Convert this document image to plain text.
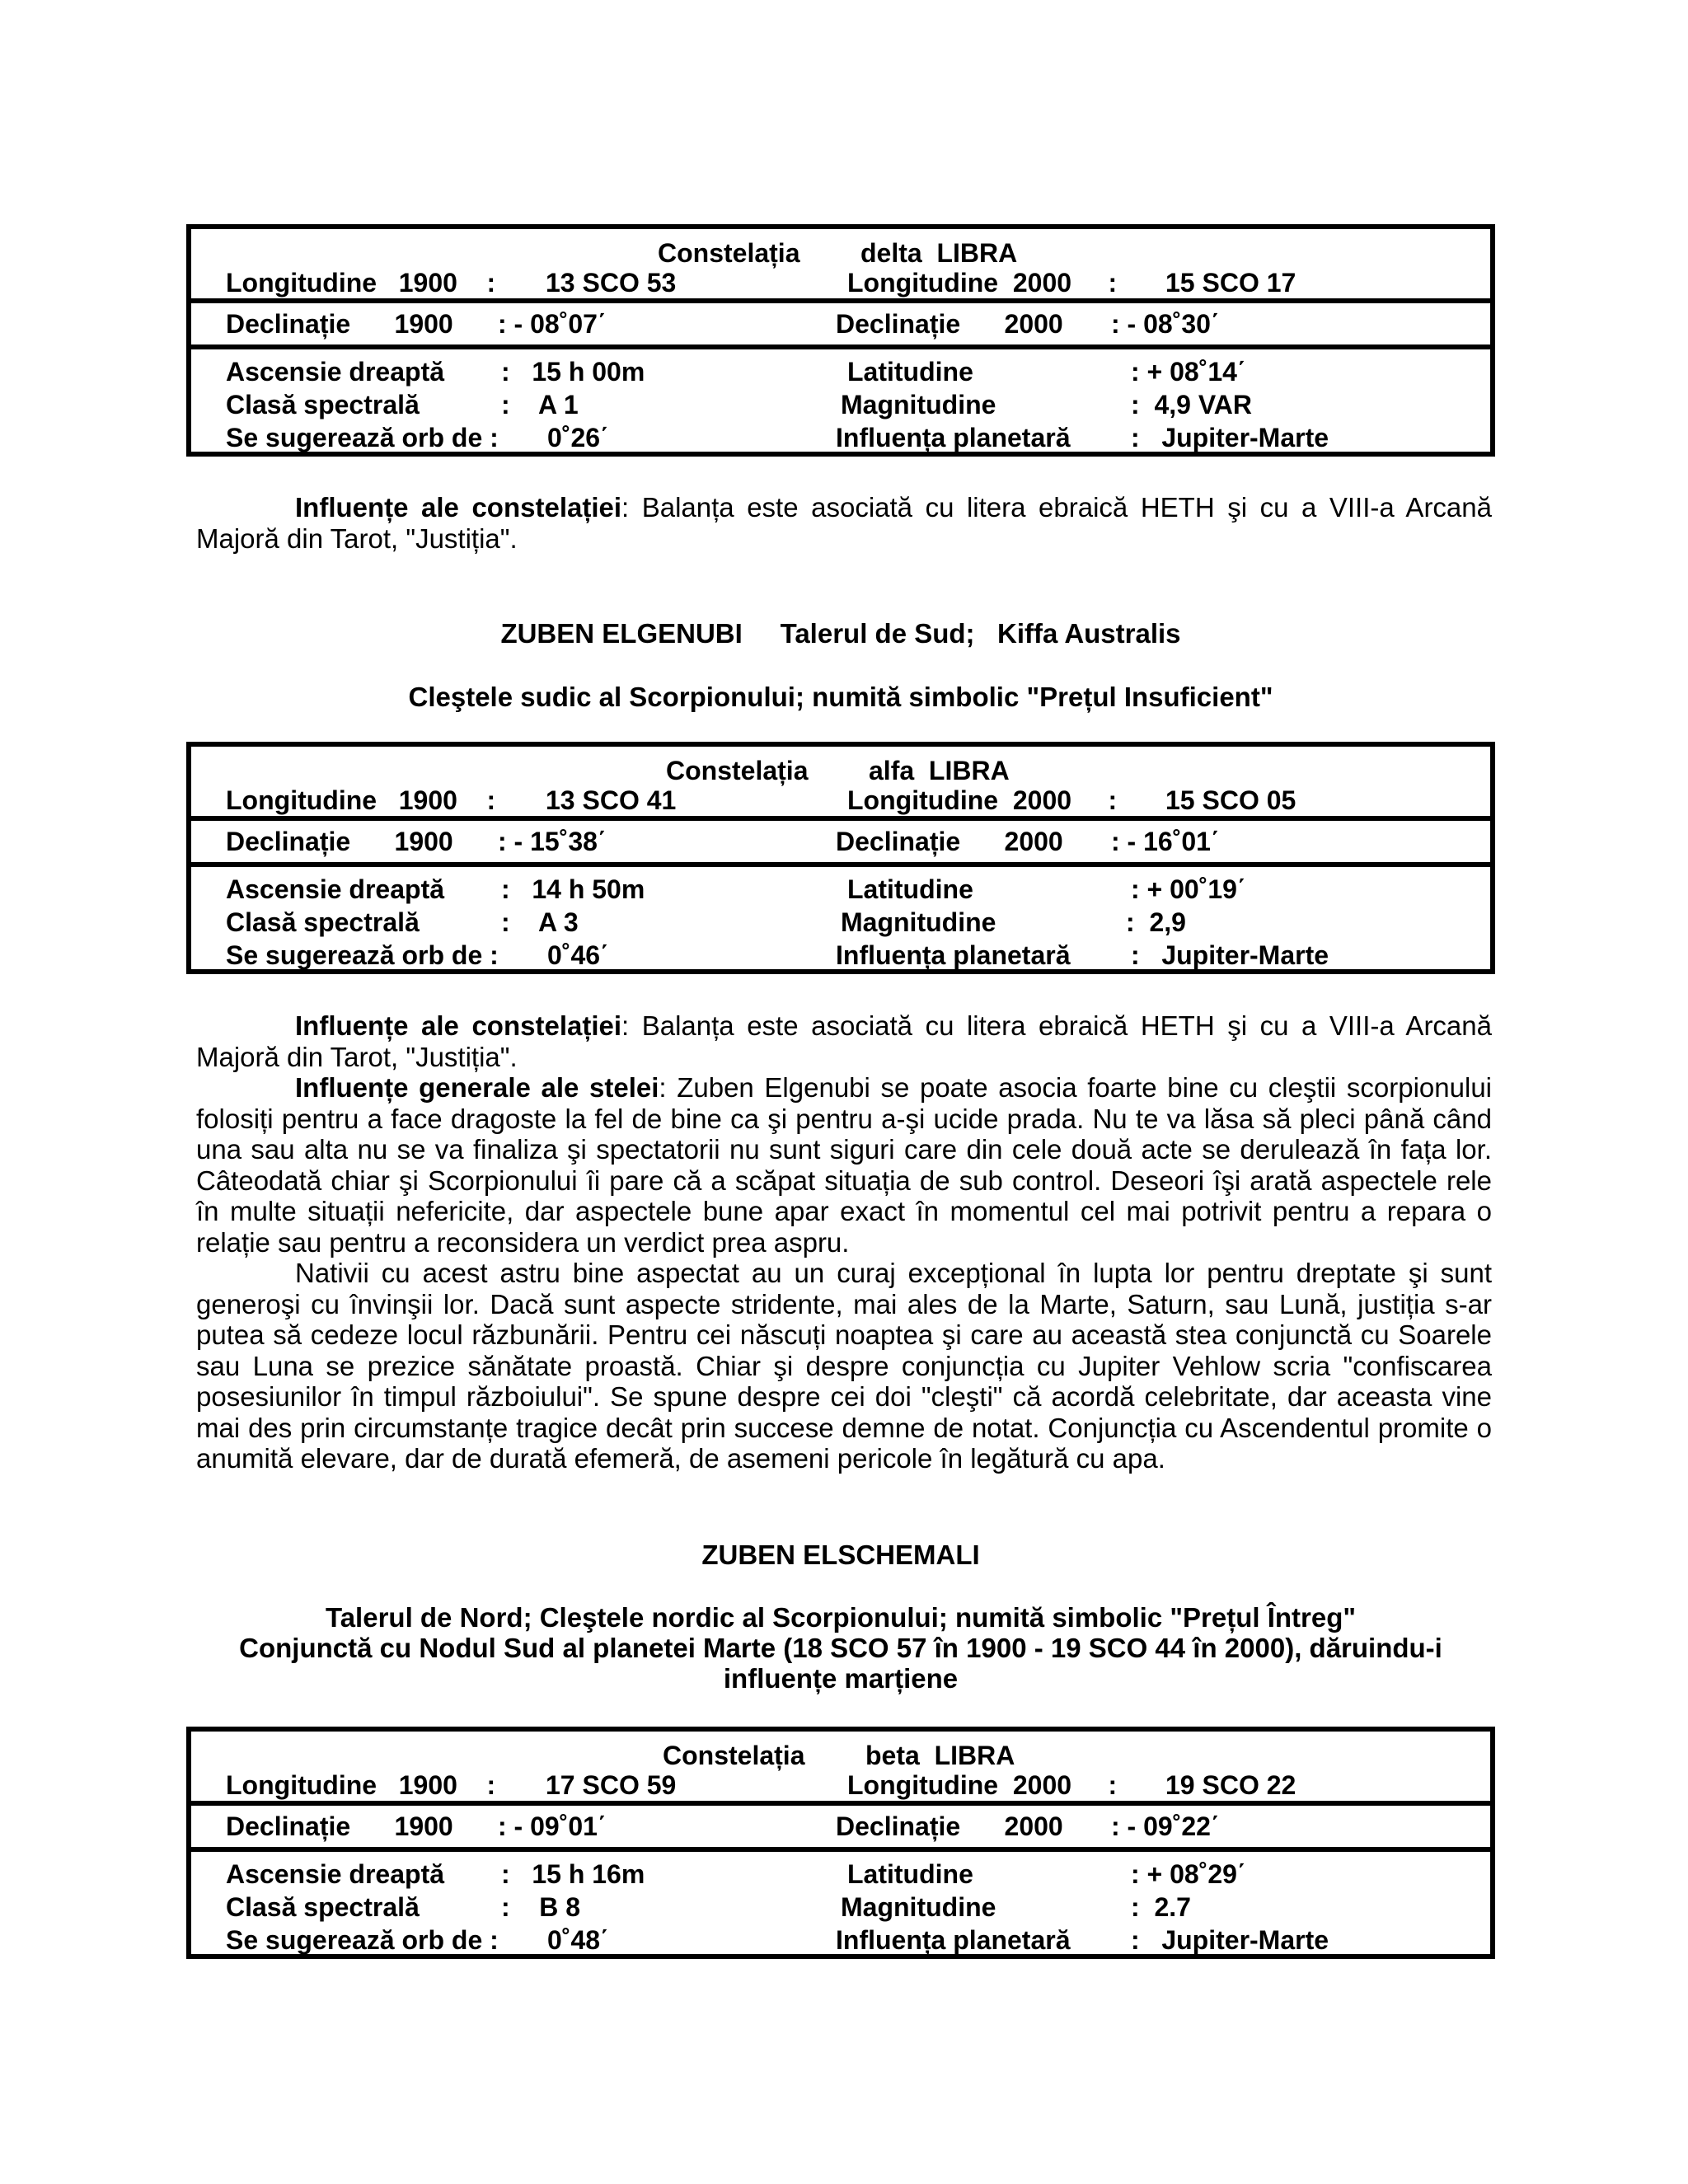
Constelația delta  LIBRA
Longitudine   1900    : 13 SCO 53	Longitudine  2000     : 15 SCO 17
Declinație      1900 : - 08˚07΄	Declinație      2000 : - 08˚30΄
Ascensie dreaptă :   15 h 00m	Latitudine	: + 08˚14΄
Clasă spectrală	:    A 1	Magnitudine	:  4,9 VAR
Se sugerează orb de : 0˚26΄	Influența planetară :   Jupiter-Marte
Influențe ale constelației: Balanța este asociată cu litera ebraică HETH şi cu a VIII-a Arcană Majoră din Tarot, "Justiția".
ZUBEN ELGENUBI     Talerul de Sud;   Kiffa Australis
Cleştele sudic al Scorpionului; numită simbolic "Prețul Insuficient"
Constelația alfa  LIBRA
Longitudine   1900    : 13 SCO 41	Longitudine  2000     : 15 SCO 05
Declinație      1900 : - 15˚38΄	Declinație      2000 : - 16˚01΄
Ascensie dreaptă :   14 h 50m	Latitudine	: + 00˚19΄
Clasă spectrală	:    A 3	Magnitudine	:  2,9
Se sugerează orb de : 0˚46΄	Influența planetară :   Jupiter-Marte
Influențe ale constelației: Balanța este asociată cu litera ebraică HETH şi cu a VIII-a Arcană Majoră din Tarot, "Justiția".
Influențe generale ale stelei: Zuben Elgenubi se poate asocia foarte bine cu cleştii scorpionului folosiți pentru a face dragoste la fel de bine ca şi pentru a-şi ucide prada. Nu te va lăsa să pleci până când una sau alta nu se va finaliza şi spectatorii nu sunt siguri care din cele două acte se derulează în fața lor. Câteodată chiar şi Scorpionului îi pare că a scăpat situația de sub control. Deseori îşi arată aspectele rele în multe situații nefericite, dar aspectele bune apar exact în momentul cel mai potrivit pentru a repara o relație sau pentru a reconsidera un verdict prea aspru.
Nativii cu acest astru bine aspectat au un curaj excepțional în lupta lor pentru dreptate şi sunt generoşi cu învinşii lor. Dacă sunt aspecte stridente, mai ales de la Marte, Saturn, sau Lună, justiția s-ar putea să cedeze locul răzbunării. Pentru cei născuți noaptea şi care au această stea conjunctă cu Soarele sau Luna se prezice sănătate proastă. Chiar şi despre conjuncția cu Jupiter Vehlow scria "confiscarea posesiunilor în timpul războiului". Se spune despre cei doi "cleşti" că acordă celebritate, dar aceasta vine mai des prin circumstanțe tragice decât prin succese demne de notat. Conjuncția cu Ascendentul promite o anumită elevare, dar de durată efemeră, de asemeni pericole în legătură cu apa.
ZUBEN ELSCHEMALI
Talerul de Nord; Cleştele nordic al Scorpionului; numită simbolic "Prețul Întreg"
Conjunctă cu Nodul Sud al planetei Marte (18 SCO 57 în 1900 - 19 SCO 44 în 2000), dăruindu-i
influențe marțiene
Constelația beta  LIBRA
Longitudine   1900    : 17 SCO 59	Longitudine  2000     : 19 SCO 22
Declinație      1900 : - 09˚01΄	Declinație      2000 : - 09˚22΄
Ascensie dreaptă :   15 h 16m	Latitudine	: + 08˚29΄
Clasă spectrală	:    B 8	Magnitudine	:  2.7
Se sugerează orb de : 0˚48΄	Influența planetară :   Jupiter-Marte
